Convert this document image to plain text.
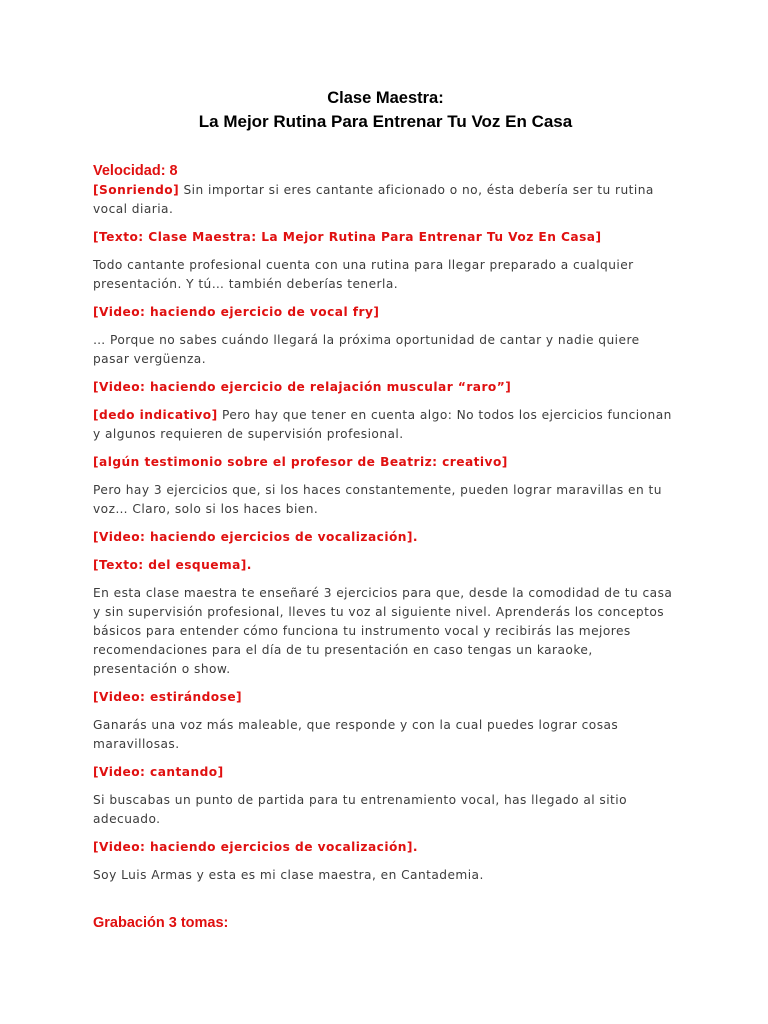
Clase Maestra:
La Mejor Rutina Para Entrenar Tu Voz En Casa
Velocidad: 8

[Sonriendo] Sin importar si eres cantante aficionado o no, ésta debería ser tu rutina vocal diaria.

[Texto: Clase Maestra: La Mejor Rutina Para Entrenar Tu Voz En Casa]

Todo cantante profesional cuenta con una rutina para llegar preparado a cualquier presentación. Y tú… también deberías tenerla.

[Video: haciendo ejercicio de vocal fry]

… Porque no sabes cuándo llegará la próxima oportunidad de cantar y nadie quiere pasar vergüenza.

[Video: haciendo ejercicio de relajación muscular “raro”]

[dedo indicativo] Pero hay que tener en cuenta algo: No todos los ejercicios funcionan y algunos requieren de supervisión profesional.

[algún testimonio sobre el profesor de Beatriz: creativo]

Pero hay 3 ejercicios que, si los haces constantemente, pueden lograr maravillas en tu voz… Claro, solo si los haces bien.

[Video: haciendo ejercicios de vocalización].

[Texto: del esquema].

En esta clase maestra te enseñaré 3 ejercicios para que, desde la comodidad de tu casa y sin supervisión profesional, lleves tu voz al siguiente nivel. Aprenderás los conceptos básicos para entender cómo funciona tu instrumento vocal y recibirás las mejores recomendaciones para el día de tu presentación en caso tengas un karaoke, presentación o show.

[Video: estirándose]

Ganarás una voz más maleable, que responde y con la cual puedes lograr cosas maravillosas.

[Video: cantando]

Si buscabas un punto de partida para tu entrenamiento vocal, has llegado al sitio adecuado.

[Video: haciendo ejercicios de vocalización].

Soy Luis Armas y esta es mi clase maestra, en Cantademia.

Grabación 3 tomas:
